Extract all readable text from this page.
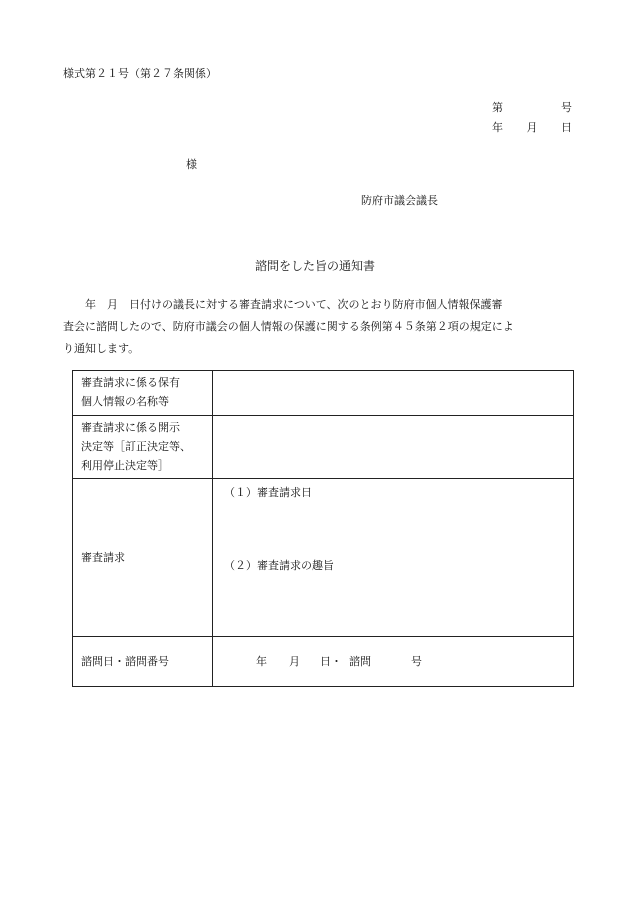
様式第２１号（第２７条関係）
第	号
年 月 日
様
防府市議会議長
諮問をした旨の通知書

　　年　月　日付けの議長に対する審査請求について、次のとおり防府市個人情報保護審

査会に諮問したので、防府市議会の個人情報の保護に関する条例第４５条第２項の規定によ

り通知します。

審査請求に係る保有
個人情報の名称等	

審査請求に係る開示
決定等［訂正決定等、
利用停止決定等］	

審査請求	（１）審査請求日
（２）審査請求の趣旨

諮問日・諮問番号	年 月 日・ 諮問 号
